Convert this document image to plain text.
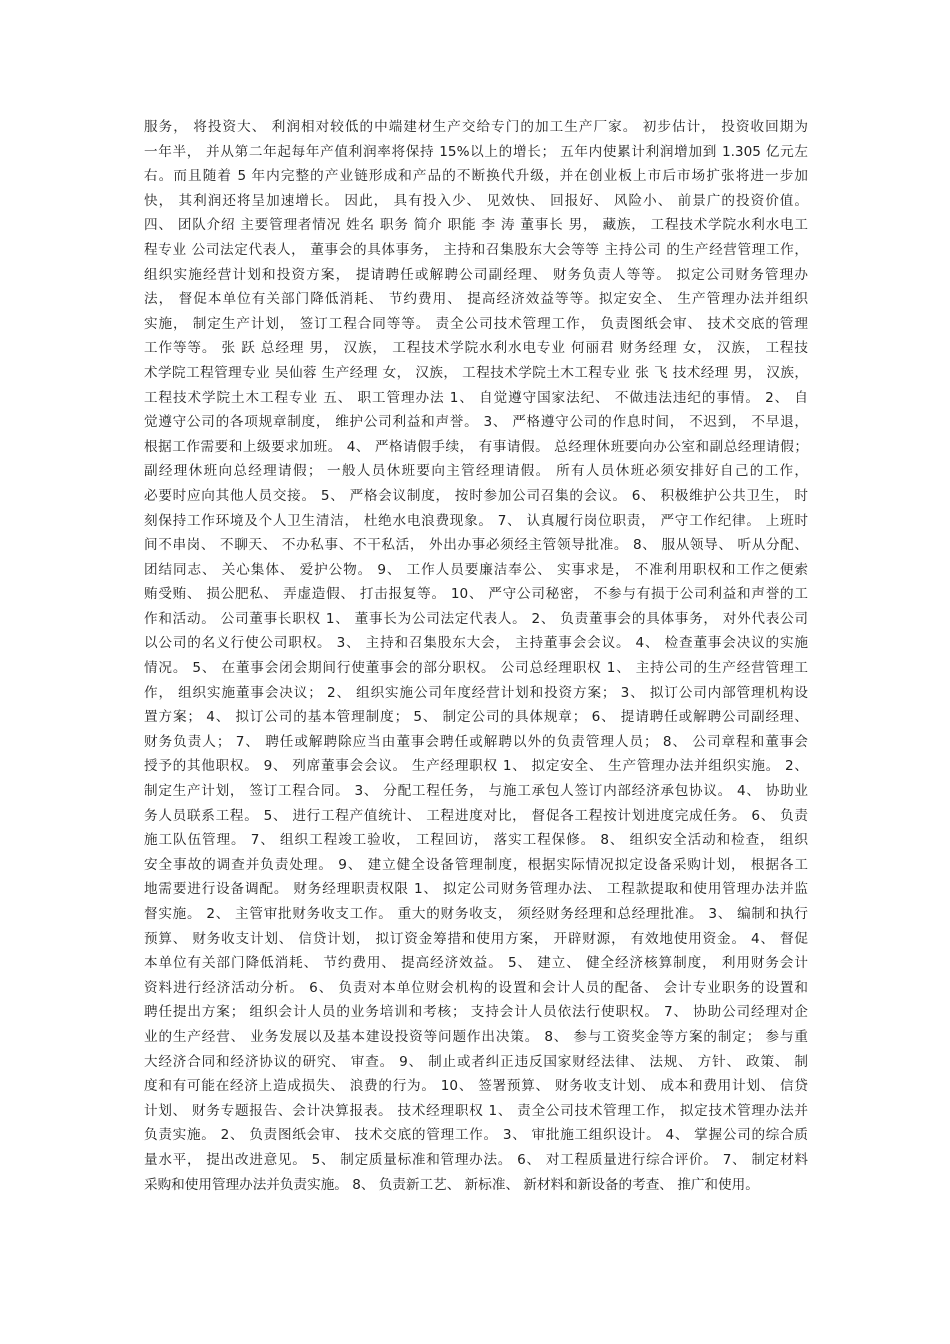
服务， 将投资大、 利润相对较低的中端建材生产交给专门的加工生产厂家。 初步估计， 投资收回期为
一年半， 并从第二年起每年产值利润率将保持 15%以上的增长； 五年内使累计利润增加到 1.305 亿元左
右。而且随着 5 年内完整的产业链形成和产品的不断换代升级，并在创业板上市后市场扩张将进一步加
快， 其利润还将呈加速增长。 因此， 具有投入少、 见效快、 回报好、 风险小、 前景广的投资价值。
四、 团队介绍 主要管理者情况 姓名 职务 简介 职能 李 涛 董事长 男， 藏族， 工程技术学院水利水电工
程专业 公司法定代表人， 董事会的具体事务， 主持和召集股东大会等等 主持公司 的生产经营管理工作，
组织实施经营计划和投资方案， 提请聘任或解聘公司副经理、 财务负责人等等。 拟定公司财务管理办
法， 督促本单位有关部门降低消耗、 节约费用、 提高经济效益等等。拟定安全、 生产管理办法并组织
实施， 制定生产计划， 签订工程合同等等。 责全公司技术管理工作， 负责图纸会审、 技术交底的管理
工作等等。 张 跃 总经理 男， 汉族， 工程技术学院水利水电专业 何丽君 财务经理 女， 汉族， 工程技
术学院工程管理专业 吴仙蓉 生产经理 女， 汉族， 工程技术学院土木工程专业 张 飞 技术经理 男， 汉族，
工程技术学院土木工程专业 五、 职工管理办法 1、 自觉遵守国家法纪、 不做违法违纪的事情。 2、 自
觉遵守公司的各项规章制度， 维护公司利益和声誉。 3、 严格遵守公司的作息时间， 不迟到， 不早退，
根据工作需要和上级要求加班。 4、 严格请假手续， 有事请假。 总经理休班要向办公室和副总经理请假；
副经理休班向总经理请假； 一般人员休班要向主管经理请假。 所有人员休班必须安排好自己的工作，
必要时应向其他人员交接。 5、 严格会议制度， 按时参加公司召集的会议。 6、 积极维护公共卫生， 时
刻保持工作环境及个人卫生清洁， 杜绝水电浪费现象。 7、 认真履行岗位职责， 严守工作纪律。 上班时
间不串岗、 不聊天、 不办私事、不干私活， 外出办事必须经主管领导批准。 8、 服从领导、 听从分配、
团结同志、 关心集体、 爱护公物。 9、 工作人员要廉洁奉公、 实事求是， 不准利用职权和工作之便索
贿受贿、 损公肥私、 弄虚造假、 打击报复等。 10、 严守公司秘密， 不参与有损于公司利益和声誉的工
作和活动。 公司董事长职权 1、 董事长为公司法定代表人。 2、 负责董事会的具体事务， 对外代表公司
以公司的名义行使公司职权。 3、 主持和召集股东大会， 主持董事会会议。 4、 检查董事会决议的实施
情况。 5、 在董事会闭会期间行使董事会的部分职权。 公司总经理职权 1、 主持公司的生产经营管理工
作， 组织实施董事会决议； 2、 组织实施公司年度经营计划和投资方案； 3、 拟订公司内部管理机构设
置方案； 4、 拟订公司的基本管理制度； 5、 制定公司的具体规章； 6、 提请聘任或解聘公司副经理、
财务负责人； 7、 聘任或解聘除应当由董事会聘任或解聘以外的负责管理人员； 8、 公司章程和董事会
授予的其他职权。 9、 列席董事会会议。 生产经理职权 1、 拟定安全、 生产管理办法并组织实施。 2、
制定生产计划， 签订工程合同。 3、 分配工程任务， 与施工承包人签订内部经济承包协议。 4、 协助业
务人员联系工程。 5、 进行工程产值统计、 工程进度对比， 督促各工程按计划进度完成任务。 6、 负责
施工队伍管理。 7、 组织工程竣工验收， 工程回访， 落实工程保修。 8、 组织安全活动和检查， 组织
安全事故的调查并负责处理。 9、 建立健全设备管理制度，根据实际情况拟定设备采购计划， 根据各工
地需要进行设备调配。 财务经理职责权限 1、 拟定公司财务管理办法、 工程款提取和使用管理办法并监
督实施。 2、 主管审批财务收支工作。 重大的财务收支， 须经财务经理和总经理批准。 3、 编制和执行
预算、 财务收支计划、 信贷计划， 拟订资金筹措和使用方案， 开辟财源， 有效地使用资金。 4、 督促
本单位有关部门降低消耗、 节约费用、 提高经济效益。 5、 建立、 健全经济核算制度， 利用财务会计
资料进行经济活动分析。 6、 负责对本单位财会机构的设置和会计人员的配备、 会计专业职务的设置和
聘任提出方案； 组织会计人员的业务培训和考核； 支持会计人员依法行使职权。 7、 协助公司经理对企
业的生产经营、 业务发展以及基本建设投资等问题作出决策。 8、 参与工资奖金等方案的制定； 参与重
大经济合同和经济协议的研究、 审查。 9、 制止或者纠正违反国家财经法律、 法规、 方针、 政策、 制
度和有可能在经济上造成损失、 浪费的行为。 10、 签署预算、 财务收支计划、 成本和费用计划、 信贷
计划、 财务专题报告、会计决算报表。 技术经理职权 1、 责全公司技术管理工作， 拟定技术管理办法并
负责实施。 2、 负责图纸会审、 技术交底的管理工作。 3、 审批施工组织设计。 4、 掌握公司的综合质
量水平， 提出改进意见。 5、 制定质量标准和管理办法。 6、 对工程质量进行综合评价。 7、 制定材料
采购和使用管理办法并负责实施。 8、 负责新工艺、 新标准、 新材料和新设备的考查、 推广和使用。
